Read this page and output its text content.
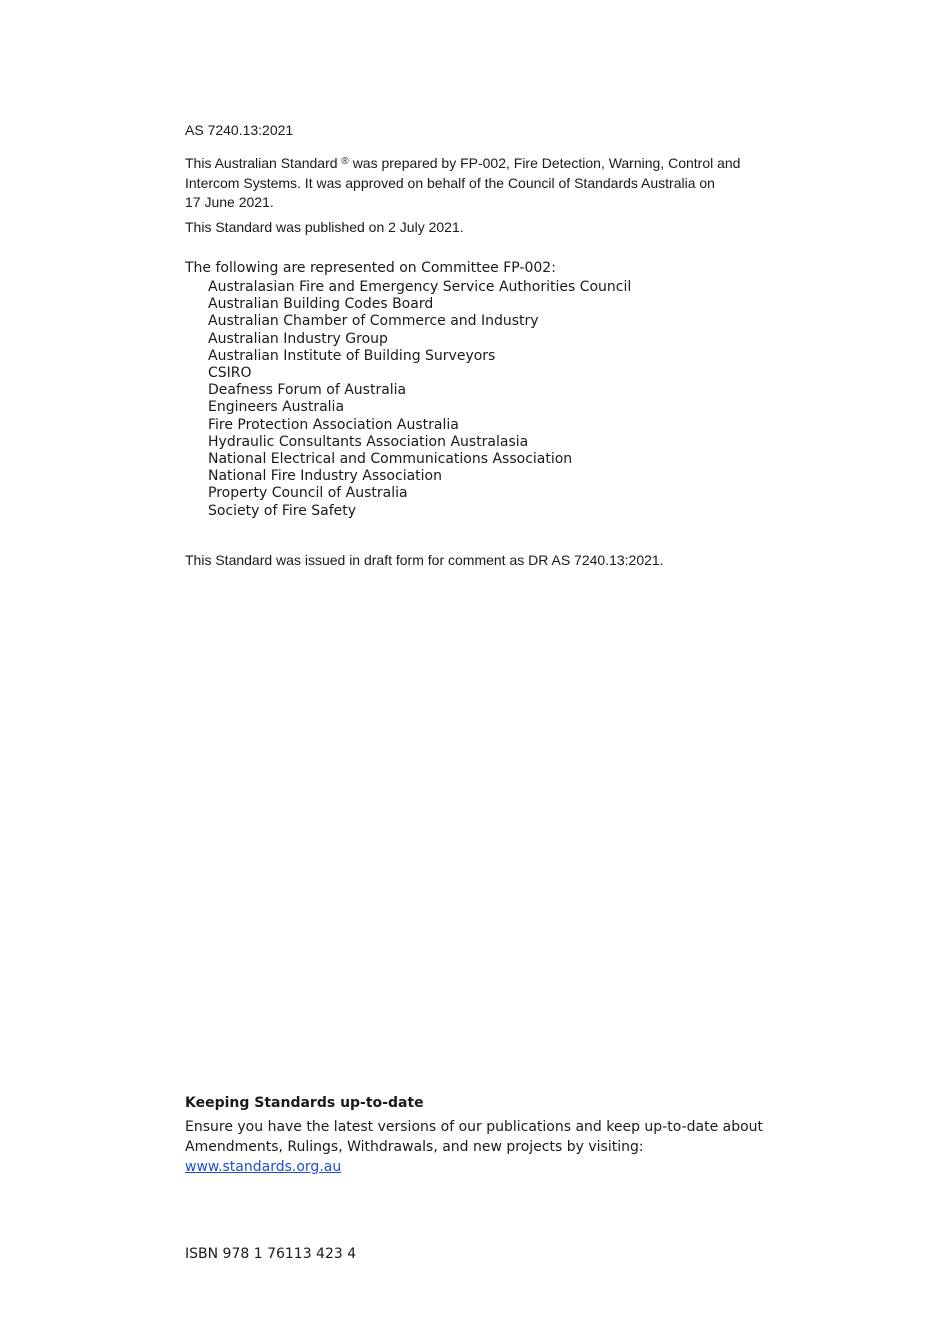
AS 7240.13:2021

This Australian Standard ® was prepared by FP-002, Fire Detection, Warning, Control and
Intercom Systems. It was approved on behalf of the Council of Standards Australia on
17 June 2021.

This Standard was published on 2 July 2021.

The following are represented on Committee FP-002:

Australasian Fire and Emergency Service Authorities Council
Australian Building Codes Board
Australian Chamber of Commerce and Industry
Australian Industry Group
Australian Institute of Building Surveyors
CSIRO
Deafness Forum of Australia
Engineers Australia
Fire Protection Association Australia
Hydraulic Consultants Association Australasia
National Electrical and Communications Association
National Fire Industry Association
Property Council of Australia
Society of Fire Safety

This Standard was issued in draft form for comment as DR AS 7240.13:2021.

Keeping Standards up-to-date

Ensure you have the latest versions of our publications and keep up-to-date about
Amendments, Rulings, Withdrawals, and new projects by visiting:
www.standards.org.au

ISBN 978 1 76113 423 4
